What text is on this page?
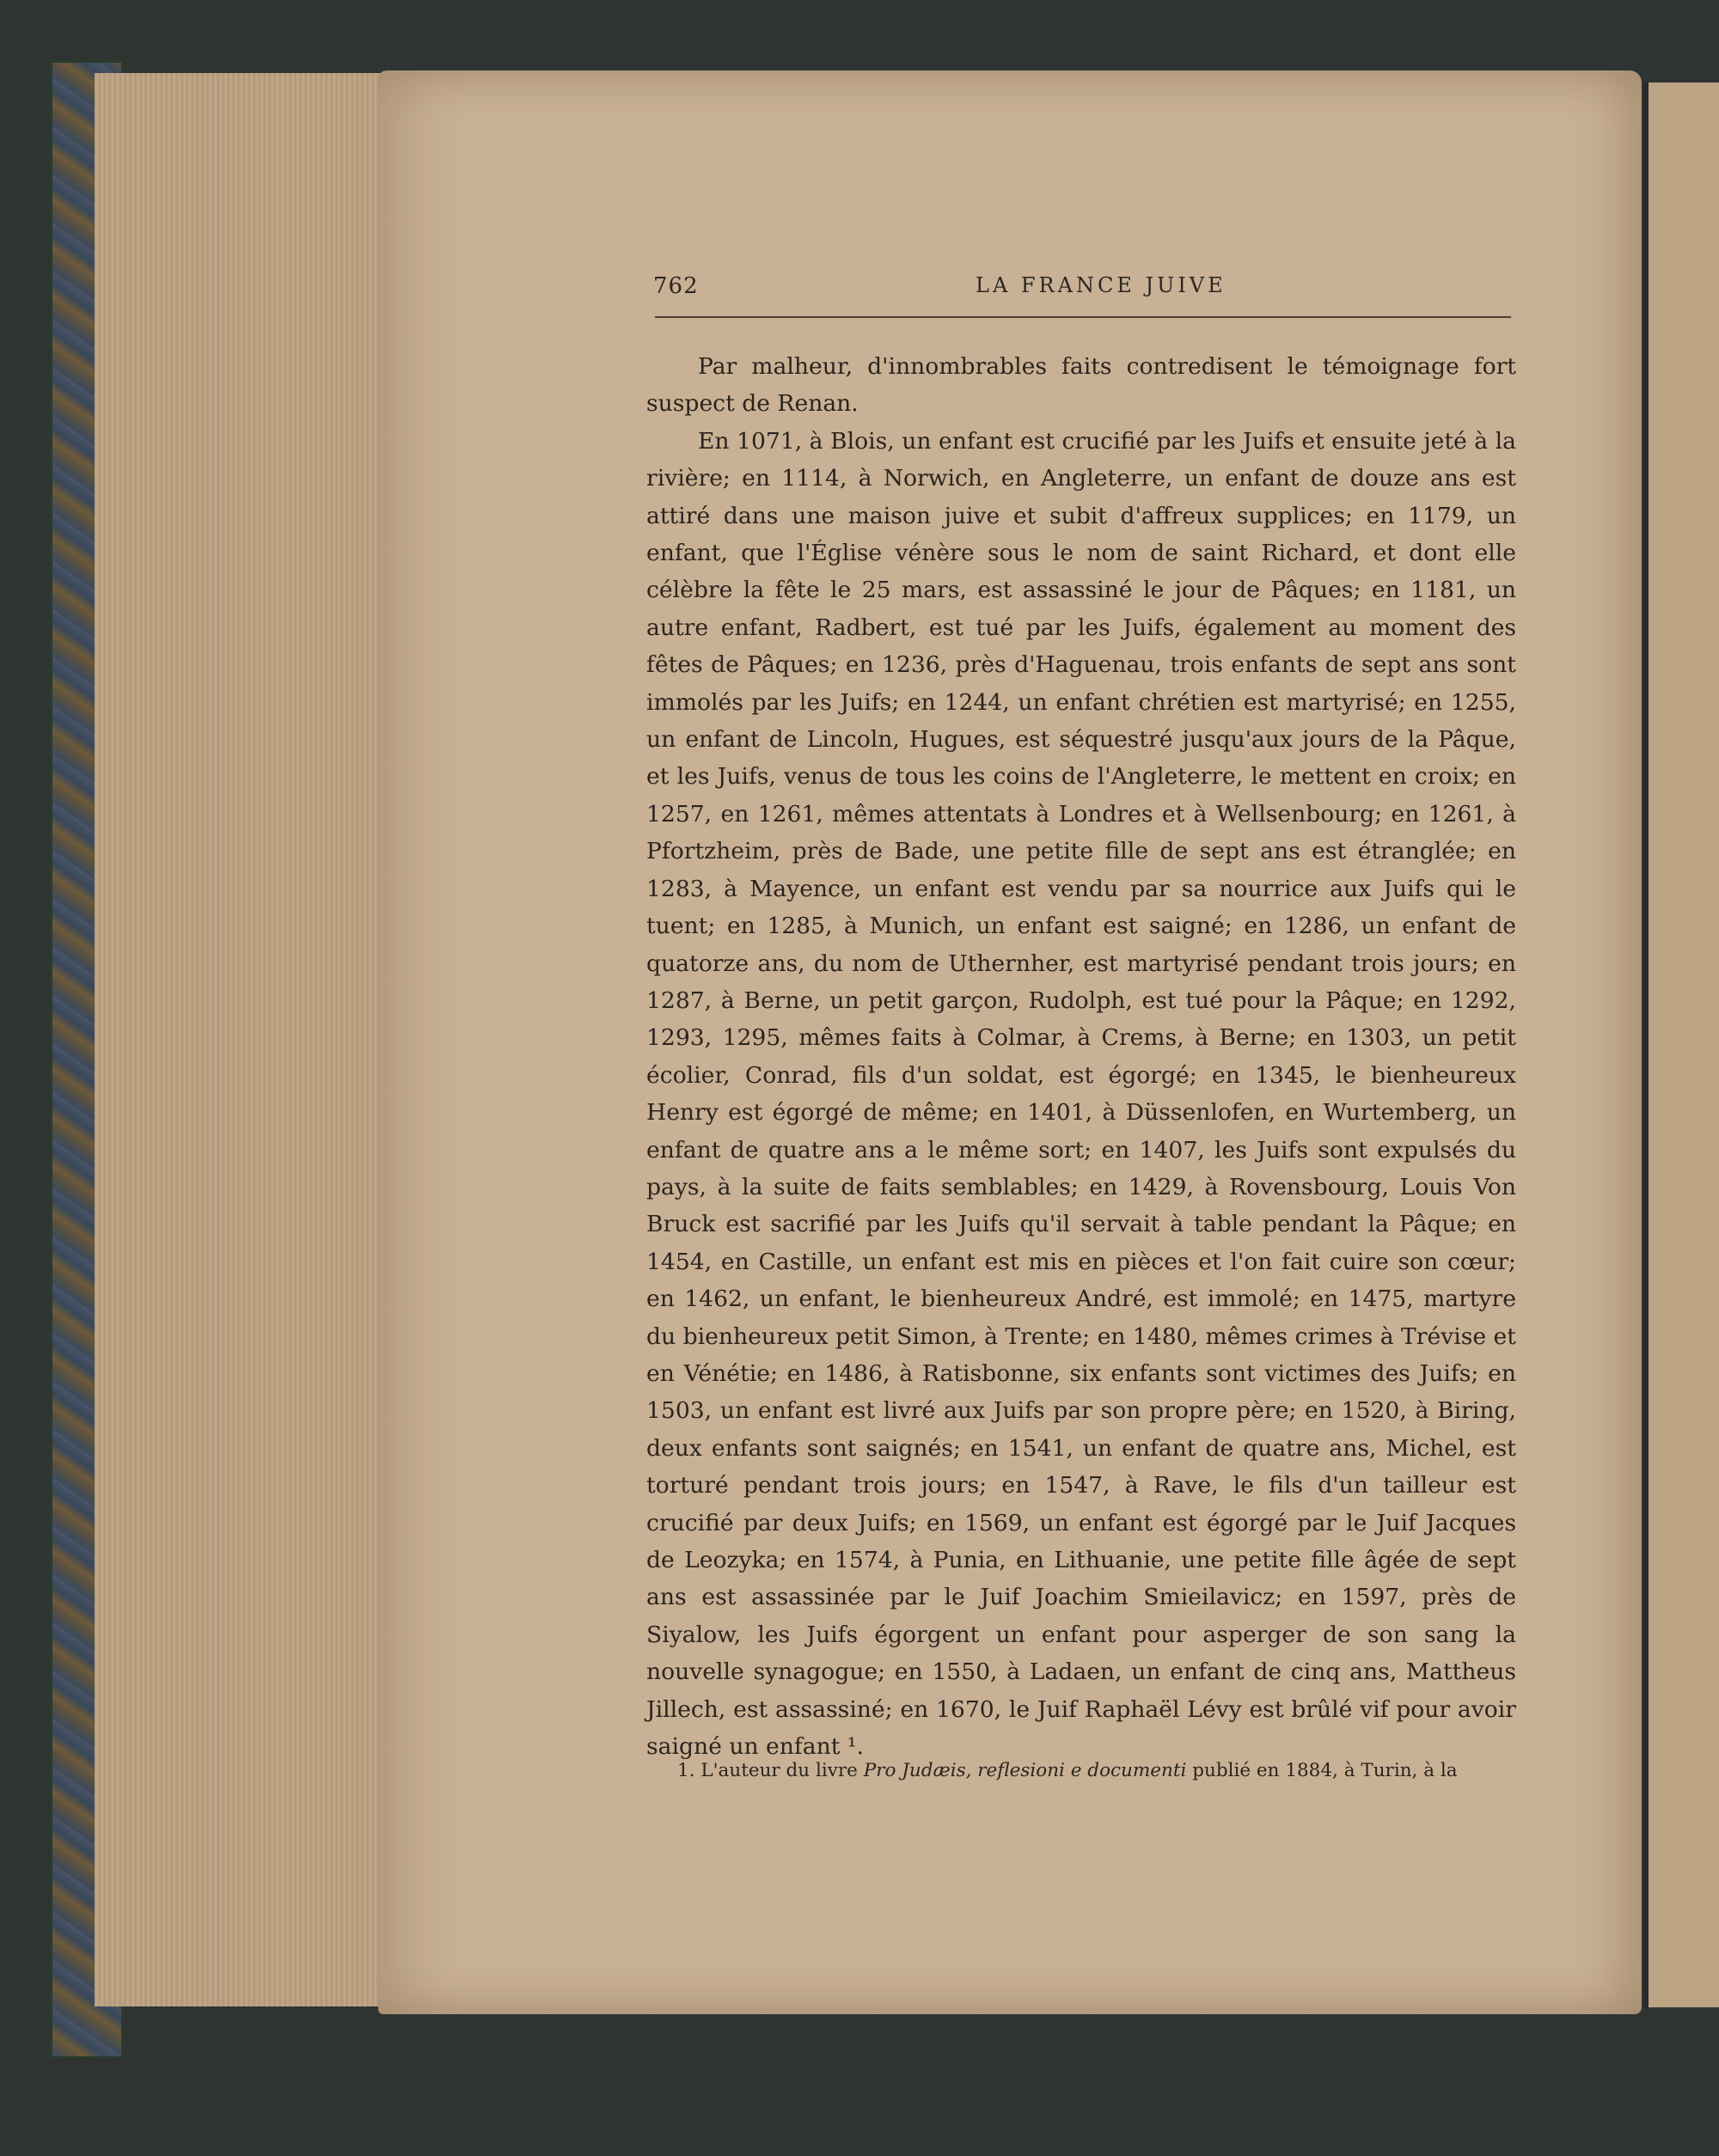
762	LA FRANCE JUIVE

Par malheur, d'innombrables faits contredisent le témoignage fort suspect de Renan.

En 1071, à Blois, un enfant est crucifié par les Juifs et ensuite jeté à la rivière; en 1114, à Norwich, en Angleterre, un enfant de douze ans est attiré dans une maison juive et subit d'affreux supplices; en 1179, un enfant, que l'Église vénère sous le nom de saint Richard, et dont elle célèbre la fête le 25 mars, est assassiné le jour de Pâques; en 1181, un autre enfant, Radbert, est tué par les Juifs, également au moment des fêtes de Pâques; en 1236, près d'Haguenau, trois enfants de sept ans sont immolés par les Juifs; en 1244, un enfant chrétien est martyrisé; en 1255, un enfant de Lincoln, Hugues, est séquestré jusqu'aux jours de la Pâque, et les Juifs, venus de tous les coins de l'Angleterre, le mettent en croix; en 1257, en 1261, mêmes attentats à Londres et à Wellsenbourg; en 1261, à Pfortzheim, près de Bade, une petite fille de sept ans est étranglée; en 1283, à Mayence, un enfant est vendu par sa nourrice aux Juifs qui le tuent; en 1285, à Munich, un enfant est saigné; en 1286, un enfant de quatorze ans, du nom de Uthernher, est martyrisé pendant trois jours; en 1287, à Berne, un petit garçon, Rudolph, est tué pour la Pâque; en 1292, 1293, 1295, mêmes faits à Colmar, à Crems, à Berne; en 1303, un petit écolier, Conrad, fils d'un soldat, est égorgé; en 1345, le bienheureux Henry est égorgé de même; en 1401, à Düssenlofen, en Wurtemberg, un enfant de quatre ans a le même sort; en 1407, les Juifs sont expulsés du pays, à la suite de faits semblables; en 1429, à Rovensbourg, Louis Von Bruck est sacrifié par les Juifs qu'il servait à table pendant la Pâque; en 1454, en Castille, un enfant est mis en pièces et l'on fait cuire son cœur; en 1462, un enfant, le bienheureux André, est immolé; en 1475, martyre du bienheureux petit Simon, à Trente; en 1480, mêmes crimes à Trévise et en Vénétie; en 1486, à Ratisbonne, six enfants sont victimes des Juifs; en 1503, un enfant est livré aux Juifs par son propre père; en 1520, à Biring, deux enfants sont saignés; en 1541, un enfant de quatre ans, Michel, est torturé pendant trois jours; en 1547, à Rave, le fils d'un tailleur est crucifié par deux Juifs; en 1569, un enfant est égorgé par le Juif Jacques de Leozyka; en 1574, à Punia, en Lithuanie, une petite fille âgée de sept ans est assassinée par le Juif Joachim Smieilavicz; en 1597, près de Siyalow, les Juifs égorgent un enfant pour asperger de son sang la nouvelle synagogue; en 1550, à Ladaen, un enfant de cinq ans, Mattheus Jillech, est assassiné; en 1670, le Juif Raphaël Lévy est brûlé vif pour avoir saigné un enfant ¹.

1. L'auteur du livre Pro Judæis, reflesioni e documenti publié en 1884, à Turin, à la
